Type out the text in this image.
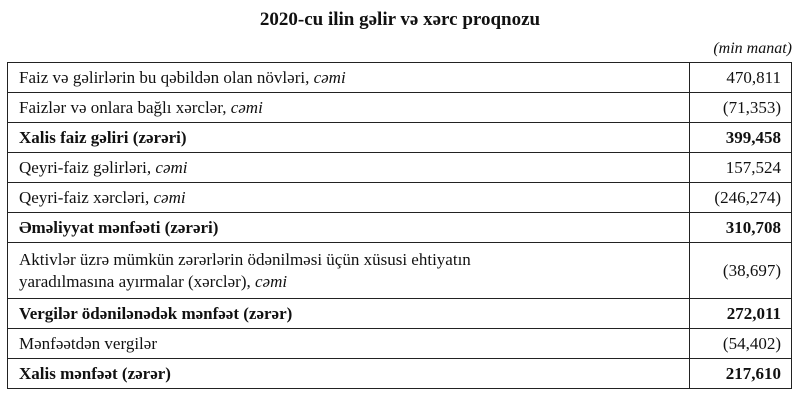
2020-cu ilin gəlir və xərc proqnozu
(min manat)
Faiz və gəlirlərin bu qəbildən olan növləri, cəmi	470,811
Faizlər və onlara bağlı xərclər, cəmi	(71,353)
Xalis faiz gəliri (zərəri)	399,458
Qeyri-faiz gəlirləri, cəmi	157,524
Qeyri-faiz xərcləri, cəmi	(246,274)
Əməliyyat mənfəəti (zərəri)	310,708
Aktivlər üzrə mümkün zərərlərin ödənilməsi üçün xüsusi ehtiyatın
yaradılmasına ayırmalar (xərclər), cəmi	(38,697)
Vergilər ödənilənədək mənfəət (zərər)	272,011
Mənfəətdən vergilər	(54,402)
Xalis mənfəət (zərər)	217,610
